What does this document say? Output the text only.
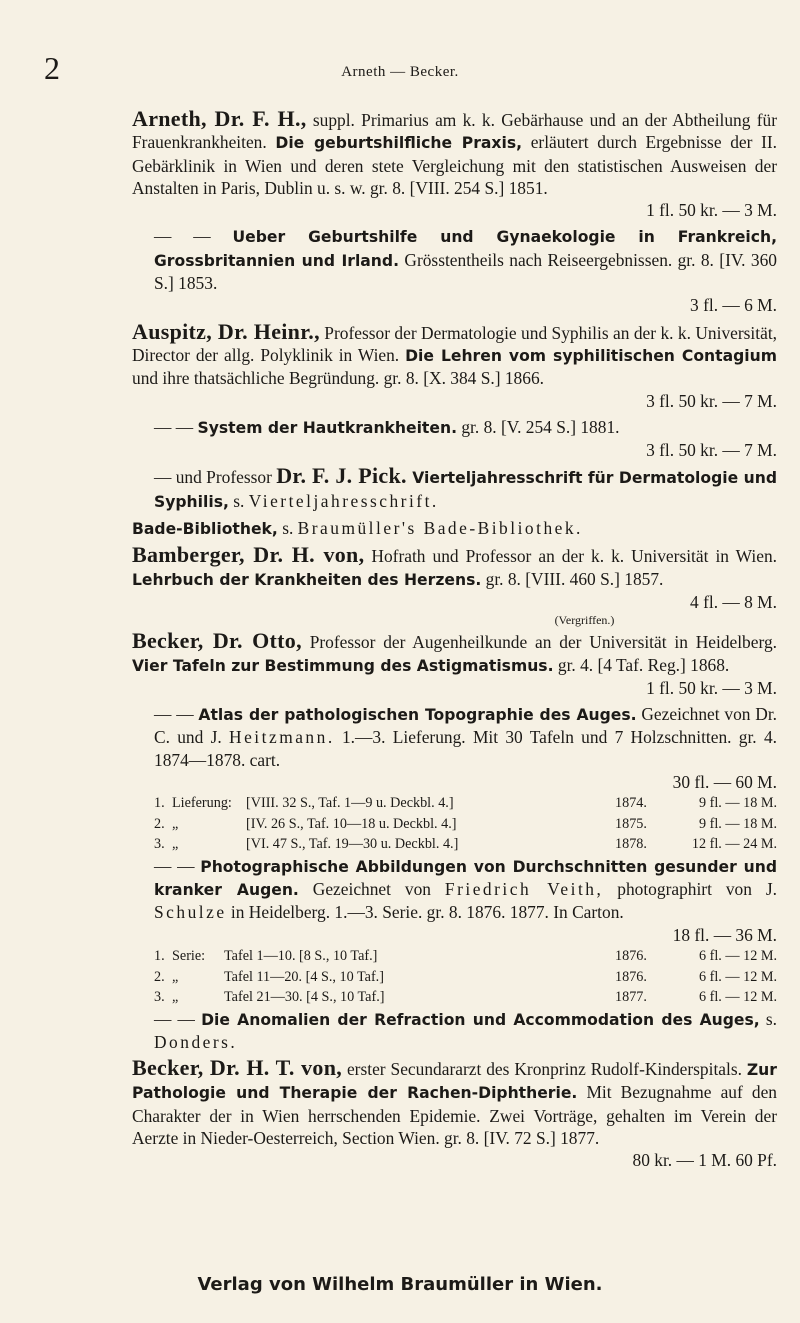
2	Arneth — Becker.
Arneth, Dr. F. H., suppl. Primarius am k. k. Gebärhause und an der Abtheilung für Frauenkrankheiten. Die geburtshilfliche Praxis, erläutert durch Ergebnisse der II. Gebärklinik in Wien und deren stete Vergleichung mit den statistischen Ausweisen der Anstalten in Paris, Dublin u. s. w. gr. 8. [VIII. 254 S.] 1851.
1 fl. 50 kr. — 3 M.
— — Ueber Geburtshilfe und Gynaekologie in Frankreich, Grossbritannien und Irland. Grösstentheils nach Reiseergebnissen. gr. 8. [IV. 360 S.] 1853.
3 fl. — 6 M.
Auspitz, Dr. Heinr., Professor der Dermatologie und Syphilis an der k. k. Universität, Director der allg. Polyklinik in Wien. Die Lehren vom syphilitischen Contagium und ihre thatsächliche Begründung. gr. 8. [X. 384 S.] 1866.
3 fl. 50 kr. — 7 M.
— — System der Hautkrankheiten. gr. 8. [V. 254 S.] 1881.
3 fl. 50 kr. — 7 M.
— und Professor Dr. F. J. Pick. Vierteljahresschrift für Dermatologie und Syphilis, s. Vierteljahresschrift.
Bade-Bibliothek, s. Braumüller's Bade-Bibliothek.
Bamberger, Dr. H. von, Hofrath und Professor an der k. k. Universität in Wien. Lehrbuch der Krankheiten des Herzens. gr. 8. [VIII. 460 S.] 1857.
4 fl. — 8 M.
(Vergriffen.)
Becker, Dr. Otto, Professor der Augenheilkunde an der Universität in Heidelberg. Vier Tafeln zur Bestimmung des Astigmatismus. gr. 4. [4 Taf. Reg.] 1868.
1 fl. 50 kr. — 3 M.
— — Atlas der pathologischen Topographie des Auges. Gezeichnet von Dr. C. und J. Heitzmann. 1.—3. Lieferung. Mit 30 Tafeln und 7 Holzschnitten. gr. 4. 1874—1878. cart.
30 fl. — 60 M.
1. Lieferung: [VIII. 32 S., Taf. 1—9 u. Deckbl. 4.]	1874.	9 fl. — 18 M.
2. „	[IV. 26 S., Taf. 10—18 u. Deckbl. 4.]	1875.	9 fl. — 18 M.
3. „	[VI. 47 S., Taf. 19—30 u. Deckbl. 4.]	1878.	12 fl. — 24 M.
— — Photographische Abbildungen von Durchschnitten gesunder und kranker Augen. Gezeichnet von Friedrich Veith, photographirt von J. Schulze in Heidelberg. 1.—3. Serie. gr. 8. 1876. 1877. In Carton.
18 fl. — 36 M.
1. Serie:	Tafel 1—10. [8 S., 10 Taf.]	1876.	6 fl. — 12 M.
2. „	Tafel 11—20. [4 S., 10 Taf.]	1876.	6 fl. — 12 M.
3. „	Tafel 21—30. [4 S., 10 Taf.]	1877.	6 fl. — 12 M.
— — Die Anomalien der Refraction und Accommodation des Auges, s. Donders.
Becker, Dr. H. T. von, erster Secundararzt des Kronprinz Rudolf-Kinderspitals. Zur Pathologie und Therapie der Rachen-Diphtherie. Mit Bezugnahme auf den Charakter der in Wien herrschenden Epidemie. Zwei Vorträge, gehalten im Verein der Aerzte in Nieder-Oesterreich, Section Wien. gr. 8. [IV. 72 S.] 1877.
80 kr. — 1 M. 60 Pf.
Verlag von Wilhelm Braumüller in Wien.
